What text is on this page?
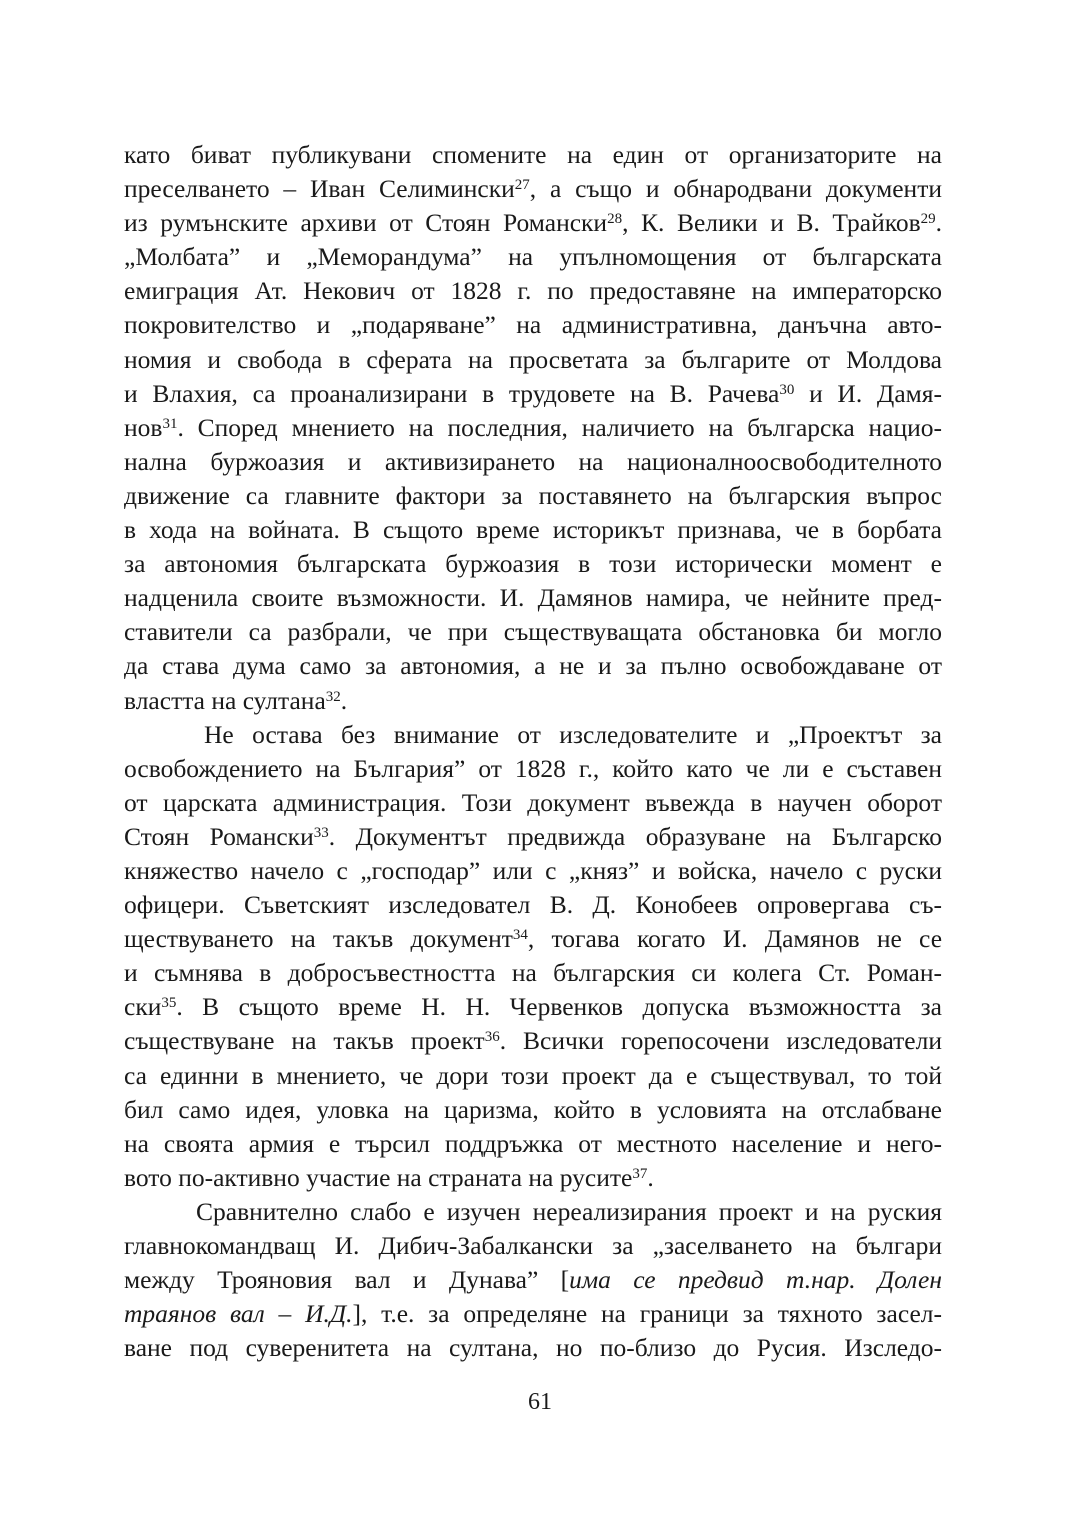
като биват публикувани спомените на един от организаторите на
преселването – Иван Селимински$^{27}$, а също и обнародвани документи
из румънските архиви от Стоян Романски$^{28}$, К. Велики и В. Трайков$^{29}$.
„Молбата” и „Меморандума” на упълномощения от българската
емиграция Ат. Некович от 1828 г. по предоставяне на императорско
покровителство и „подаряване” на административна, данъчна авто-
номия и свобода в сферата на просветата за българите от Молдова
и Влахия, са проанализирани в трудовете на В. Рачева$^{30}$ и И. Дамя-
нов$^{31}$. Според мнението на последния, наличието на българска нацио-
нална буржоазия и активизирането на националноосвободителното
движение са главните фактори за поставянето на българския въпрос
в хода на войната. В същото време историкът признава, че в борбата
за автономия българската буржоазия в този исторически момент е
надценила своите възможности. И. Дамянов намира, че нейните пред-
ставители са разбрали, че при съществуващата обстановка би могло
да става дума само за автономия, а не и за пълно освобождаване от
властта на султана$^{32}$.
Не остава без внимание от изследователите и „Проектът за
освобождението на България” от 1828 г., който като че ли е съставен
от царската администрация. Този документ въвежда в научен оборот
Стоян Романски$^{33}$. Документът предвижда образуване на Българско
княжество начело с „господар” или с „княз” и войска, начело с руски
офицери. Съветският изследовател В. Д. Конобеев опровергава съ-
ществуването на такъв документ$^{34}$, тогава когато И. Дамянов не се
и съмнява в добросъвестността на българския си колега Ст. Роман-
ски$^{35}$. В същото време Н. Н. Червенков допуска възможността за
съществуване на такъв проект$^{36}$. Всички горепосочени изследователи
са единни в мнението, че дори този проект да е съществувал, то той
бил само идея, уловка на царизма, който в условията на отслабване
на своята армия е търсил поддръжка от местното население и него-
вото по-активно участие на страната на русите$^{37}$.
Сравнително слабо е изучен нереализирания проект и на руския
главнокомандващ И. Дибич-Забалкански за „заселването на българи
между Трояновия вал и Дунава” [има се предвид т.нар. Долен
траянов вал – И.Д.], т.е. за определяне на граници за тяхното засел-
ване под суверенитета на султана, но по-близо до Русия. Изследо-
61
